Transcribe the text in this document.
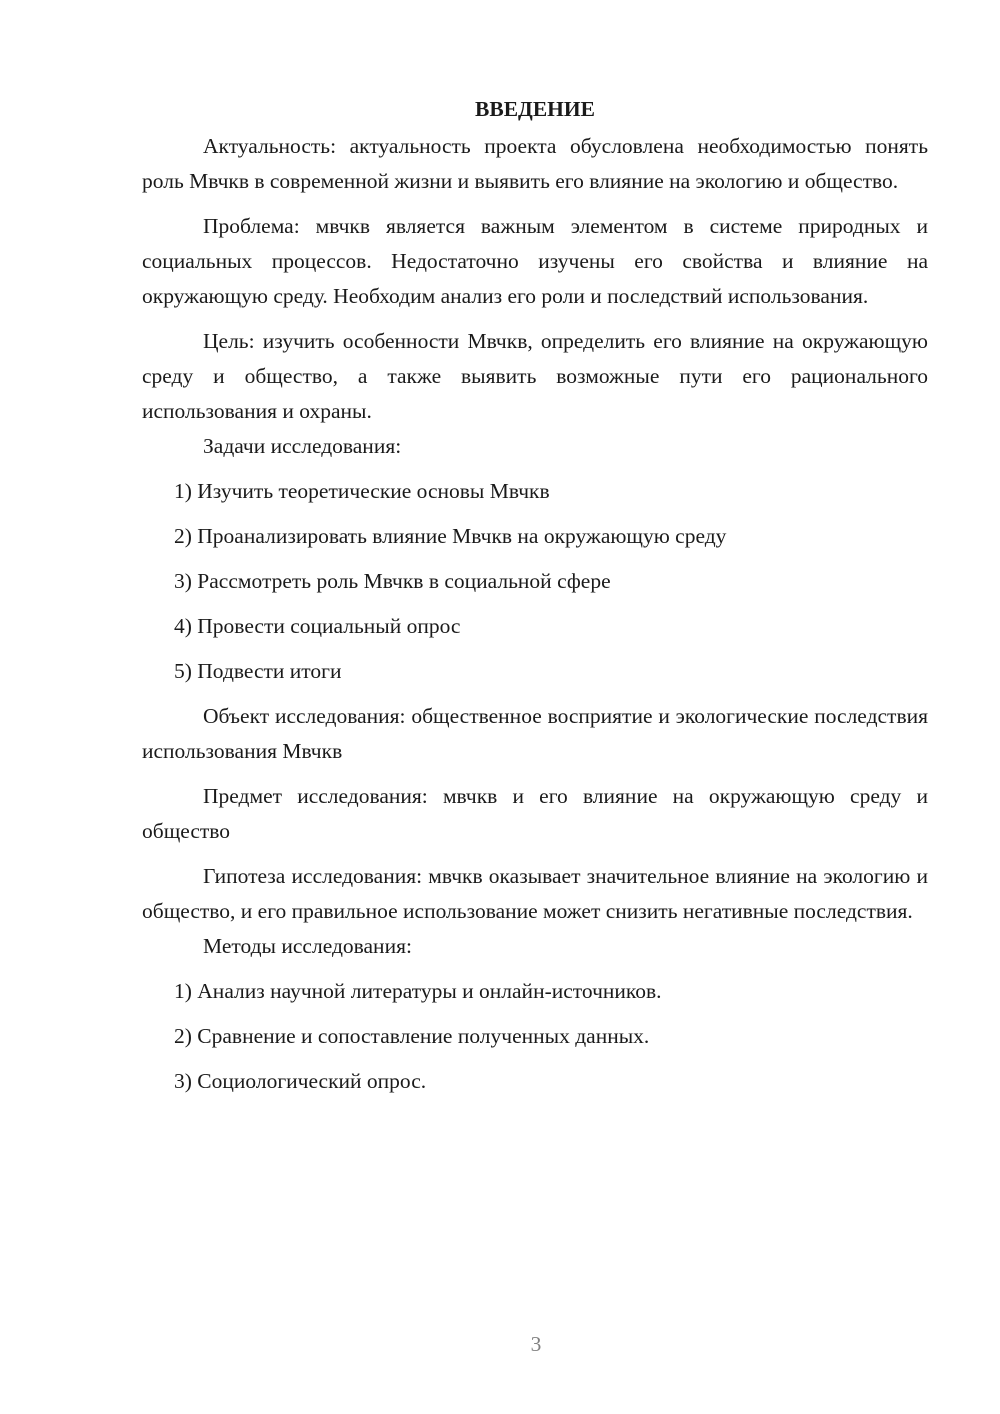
ВВЕДЕНИЕ

Актуальность: актуальность проекта обусловлена необходимостью понять роль Мвчкв в современной жизни и выявить его влияние на экологию и общество.

Проблема: мвчкв является важным элементом в системе природных и социальных процессов. Недостаточно изучены его свойства и влияние на окружающую среду. Необходим анализ его роли и последствий использования.

Цель: изучить особенности Мвчкв, определить его влияние на окружающую среду и общество, а также выявить возможные пути его рационального использования и охраны.

Задачи исследования:

1) Изучить теоретические основы Мвчкв

2) Проанализировать влияние Мвчкв на окружающую среду

3) Рассмотреть роль Мвчкв в социальной сфере

4) Провести социальный опрос

5) Подвести итоги

Объект исследования: общественное восприятие и экологические последствия использования Мвчкв

Предмет исследования: мвчкв и его влияние на окружающую среду и общество

Гипотеза исследования: мвчкв оказывает значительное влияние на экологию и общество, и его правильное использование может снизить негативные последствия.

Методы исследования:

1) Анализ научной литературы и онлайн-источников.

2) Сравнение и сопоставление полученных данных.

3) Социологический опрос.

3
